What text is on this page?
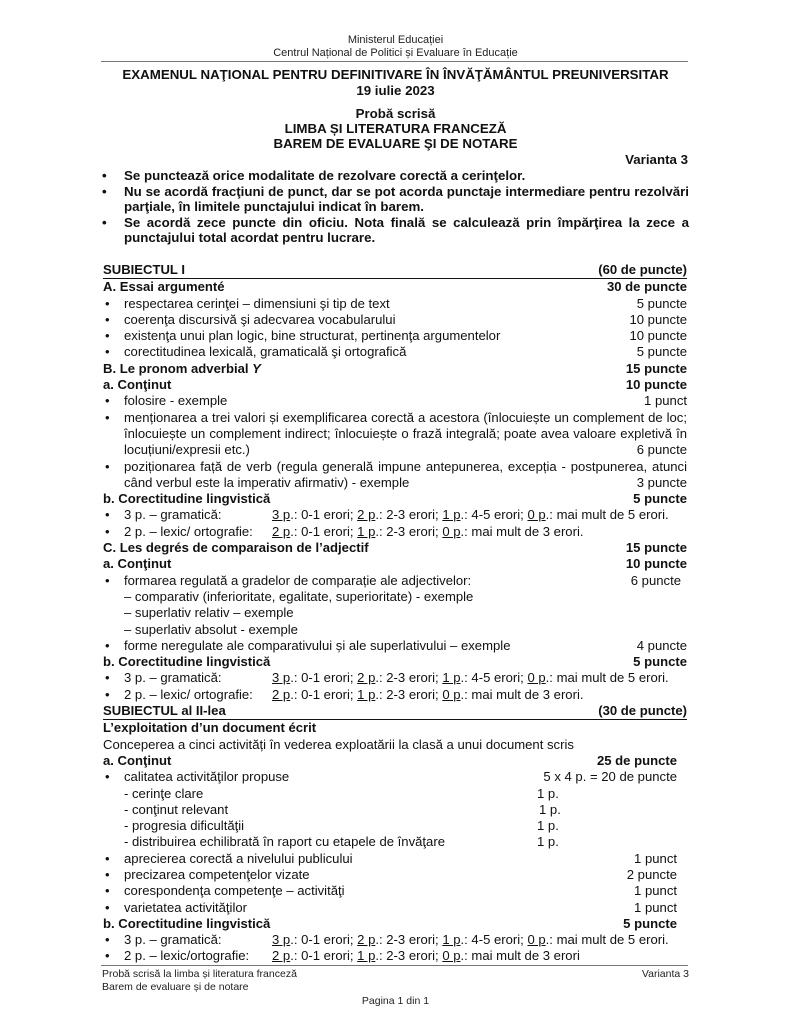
Ministerul Educației
Centrul Național de Politici și Evaluare în Educație
EXAMENUL NAŢIONAL PENTRU DEFINITIVARE ÎN ÎNVĂŢĂMÂNTUL PREUNIVERSITAR
19 iulie 2023
Probă scrisă
LIMBA ȘI LITERATURA FRANCEZĂ
BAREM DE EVALUARE ŞI DE NOTARE
Varianta 3
• Se punctează orice modalitate de rezolvare corectă a cerinţelor.
• Nu se acordă fracţiuni de punct, dar se pot acorda punctaje intermediare pentru rezolvări parţiale, în limitele punctajului indicat în barem.
• Se acordă zece puncte din oficiu. Nota finală se calculează prin împărţirea la zece a punctajului total acordat pentru lucrare.
SUBIECTUL I	(60 de puncte)
A. Essai argumenté	30 de puncte
• respectarea cerinţei – dimensiuni şi tip de text	5 puncte
• coerenţa discursivă şi adecvarea vocabularului	10 puncte
• existenţa unui plan logic, bine structurat, pertinenţa argumentelor	10 puncte
• corectitudinea lexicală, gramaticală şi ortografică	5 puncte
B. Le pronom adverbial Y	15 puncte
a. Conţinut	10 puncte
• folosire - exemple	1 punct
• menționarea a trei valori și exemplificarea corectă a acestora (înlocuiește un complement de loc; înlocuiește un complement indirect; înlocuiește o frază integrală; poate avea valoare expletivă în locuțiuni/expresii etc.)	6 puncte
• poziționarea față de verb (regula generală impune antepunerea, excepția - postpunerea, atunci când verbul este la imperativ afirmativ) - exemple	3 puncte
b. Corectitudine lingvistică	5 puncte
• 3 p. – gramatică:	3 p.: 0-1 erori; 2 p.: 2-3 erori; 1 p.: 4-5 erori; 0 p.: mai mult de 5 erori.
• 2 p. – lexic/ ortografie: 2 p.: 0-1 erori; 1 p.: 2-3 erori; 0 p.: mai mult de 3 erori.
C. Les degrés de comparaison de l’adjectif	15 puncte
a. Conţinut	10 puncte
• formarea regulată a gradelor de comparație ale adjectivelor:	6 puncte
– comparativ (inferioritate, egalitate, superioritate) - exemple
– superlativ relativ – exemple
– superlativ absolut - exemple
• forme neregulate ale comparativului și ale superlativului – exemple	4 puncte
b. Corectitudine lingvistică	5 puncte
• 3 p. – gramatică:	3 p.: 0-1 erori; 2 p.: 2-3 erori; 1 p.: 4-5 erori; 0 p.: mai mult de 5 erori.
• 2 p. – lexic/ ortografie: 2 p.: 0-1 erori; 1 p.: 2-3 erori; 0 p.: mai mult de 3 erori.
SUBIECTUL al II-lea	(30 de puncte)
L’exploitation d’un document écrit
Conceperea a cinci activități în vederea exploatării la clasă a unui document scris
a. Conţinut	25 de puncte
• calitatea activităţilor propuse	5 x 4 p. = 20 de puncte
- cerinţe clare	1 p.
- conţinut relevant	1 p.
- progresia dificultăţii	1 p.
- distribuirea echilibrată în raport cu etapele de învăţare	1 p.
• aprecierea corectă a nivelului publicului	1 punct
• precizarea competenţelor vizate	2 puncte
• corespondenţa competenţe – activităţi	1 punct
• varietatea activităţilor	1 punct
b. Corectitudine lingvistică	5 puncte
• 3 p. – gramatică:	3 p.: 0-1 erori; 2 p.: 2-3 erori; 1 p.: 4-5 erori; 0 p.: mai mult de 5 erori.
• 2 p. – lexic/ortografie: 2 p.: 0-1 erori; 1 p.: 2-3 erori; 0 p.: mai mult de 3 erori
Probă scrisă la limba și literatura franceză
Barem de evaluare și de notare
Varianta 3
Pagina 1 din 1
